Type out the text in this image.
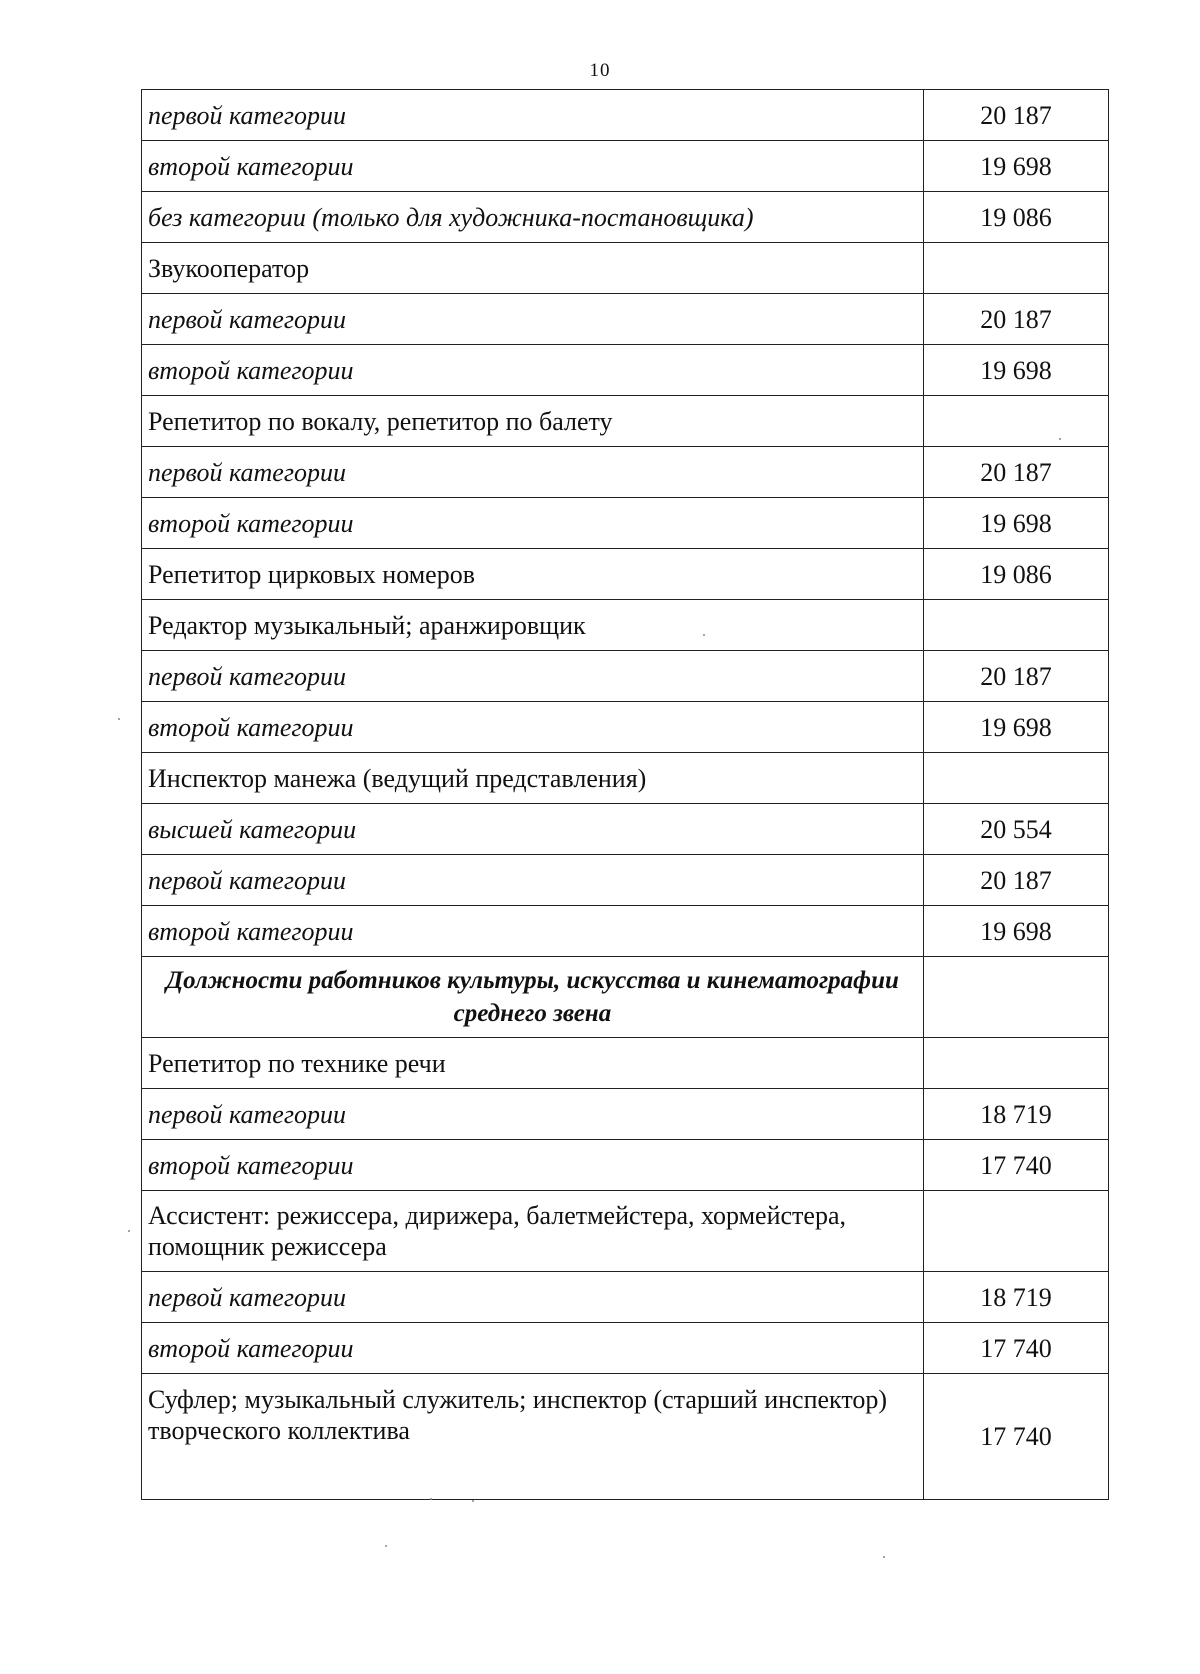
10
первой категории	20 187
второй категории	19 698
без категории (только для художника-постановщика)	19 086
Звукооператор	
первой категории	20 187
второй категории	19 698
Репетитор по вокалу, репетитор по балету	
первой категории	20 187
второй категории	19 698
Репетитор цирковых номеров	19 086
Редактор музыкальный; аранжировщик	
первой категории	20 187
второй категории	19 698
Инспектор манежа (ведущий представления)	
высшей категории	20 554
первой категории	20 187
второй категории	19 698
Должности работников культуры, искусства и кинематографии среднего звена	
Репетитор по технике речи	
первой категории	18 719
второй категории	17 740
Ассистент: режиссера, дирижера, балетмейстера, хормейстера, помощник режиссера	
первой категории	18 719
второй категории	17 740
Суфлер; музыкальный служитель; инспектор (старший инспектор) творческого коллектива	17 740
